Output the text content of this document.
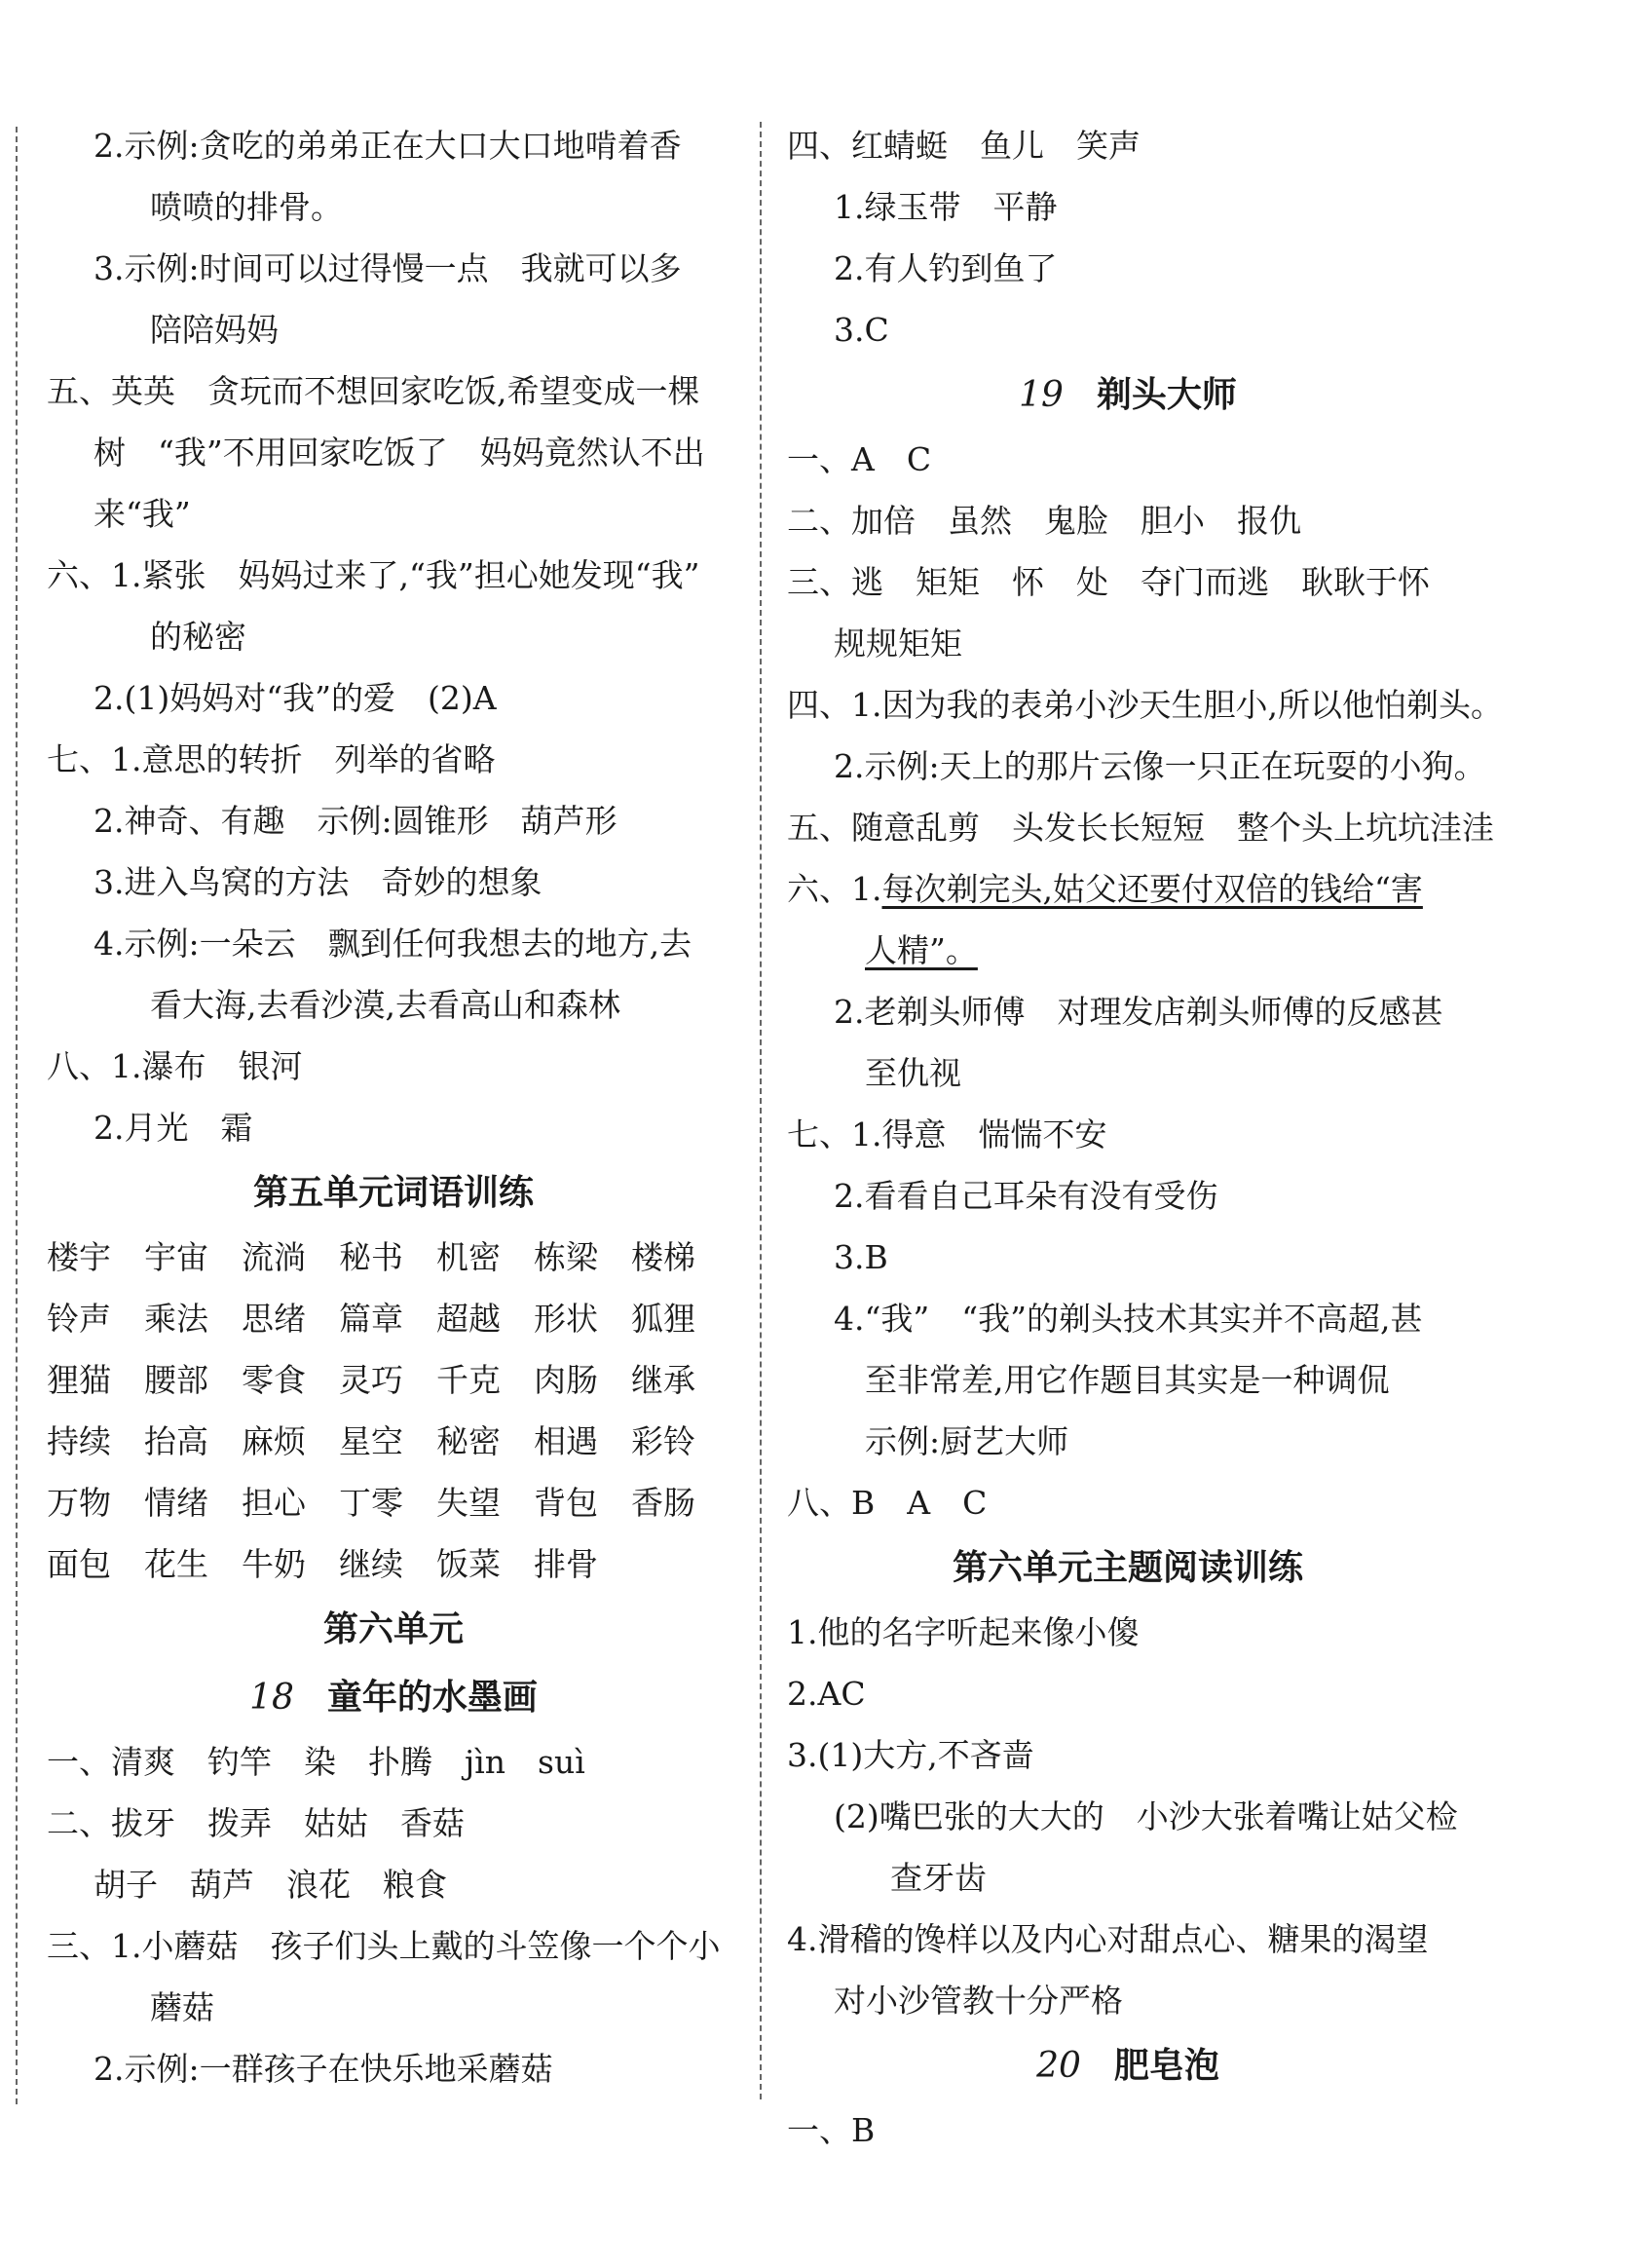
2.示例:贪吃的弟弟正在大口大口地啃着香
喷喷的排骨。
3.示例:时间可以过得慢一点　我就可以多
陪陪妈妈
五、英英　贪玩而不想回家吃饭,希望变成一棵
树　“我”不用回家吃饭了　妈妈竟然认不出
来“我”
六、1.紧张　妈妈过来了,“我”担心她发现“我”
的秘密
2.(1)妈妈对“我”的爱　(2)A
七、1.意思的转折　列举的省略
2.神奇、有趣　示例:圆锥形　葫芦形
3.进入鸟窝的方法　奇妙的想象
4.示例:一朵云　飘到任何我想去的地方,去
看大海,去看沙漠,去看高山和森林
八、1.瀑布　银河
2.月光　霜
第五单元词语训练
楼宇	宇宙	流淌	秘书	机密	栋梁	楼梯
铃声	乘法	思绪	篇章	超越	形状	狐狸
狸猫	腰部	零食	灵巧	千克	肉肠	继承
持续	抬高	麻烦	星空	秘密	相遇	彩铃
万物	情绪	担心	丁零	失望	背包	香肠
面包	花生	牛奶	继续	饭菜	排骨
第六单元
18 童年的水墨画
一、清爽　钓竿　染　扑腾　jìn　suì
二、拔牙　拨弄　姑姑　香菇
胡子　葫芦　浪花　粮食
三、1.小蘑菇　孩子们头上戴的斗笠像一个个小
蘑菇
2.示例:一群孩子在快乐地采蘑菇
四、红蜻蜓　鱼儿　笑声
1.绿玉带　平静
2.有人钓到鱼了
3.C
19 剃头大师
一、A　C
二、加倍　虽然　鬼脸　胆小　报仇
三、逃　矩矩　怀　处　夺门而逃　耿耿于怀
规规矩矩
四、1.因为我的表弟小沙天生胆小,所以他怕剃头。
2.示例:天上的那片云像一只正在玩耍的小狗。
五、随意乱剪　头发长长短短　整个头上坑坑洼洼
六、1.每次剃完头,姑父还要付双倍的钱给“害
人精”。
2.老剃头师傅　对理发店剃头师傅的反感甚
至仇视
七、1.得意　惴惴不安
2.看看自己耳朵有没有受伤
3.B
4.“我”　“我”的剃头技术其实并不高超,甚
至非常差,用它作题目其实是一种调侃
示例:厨艺大师
八、B　A　C
第六单元主题阅读训练
1.他的名字听起来像小傻
2.AC
3.(1)大方,不吝啬
(2)嘴巴张的大大的　小沙大张着嘴让姑父检
查牙齿
4.滑稽的馋样以及内心对甜点心、糖果的渴望
对小沙管教十分严格
20 肥皂泡
一、B
